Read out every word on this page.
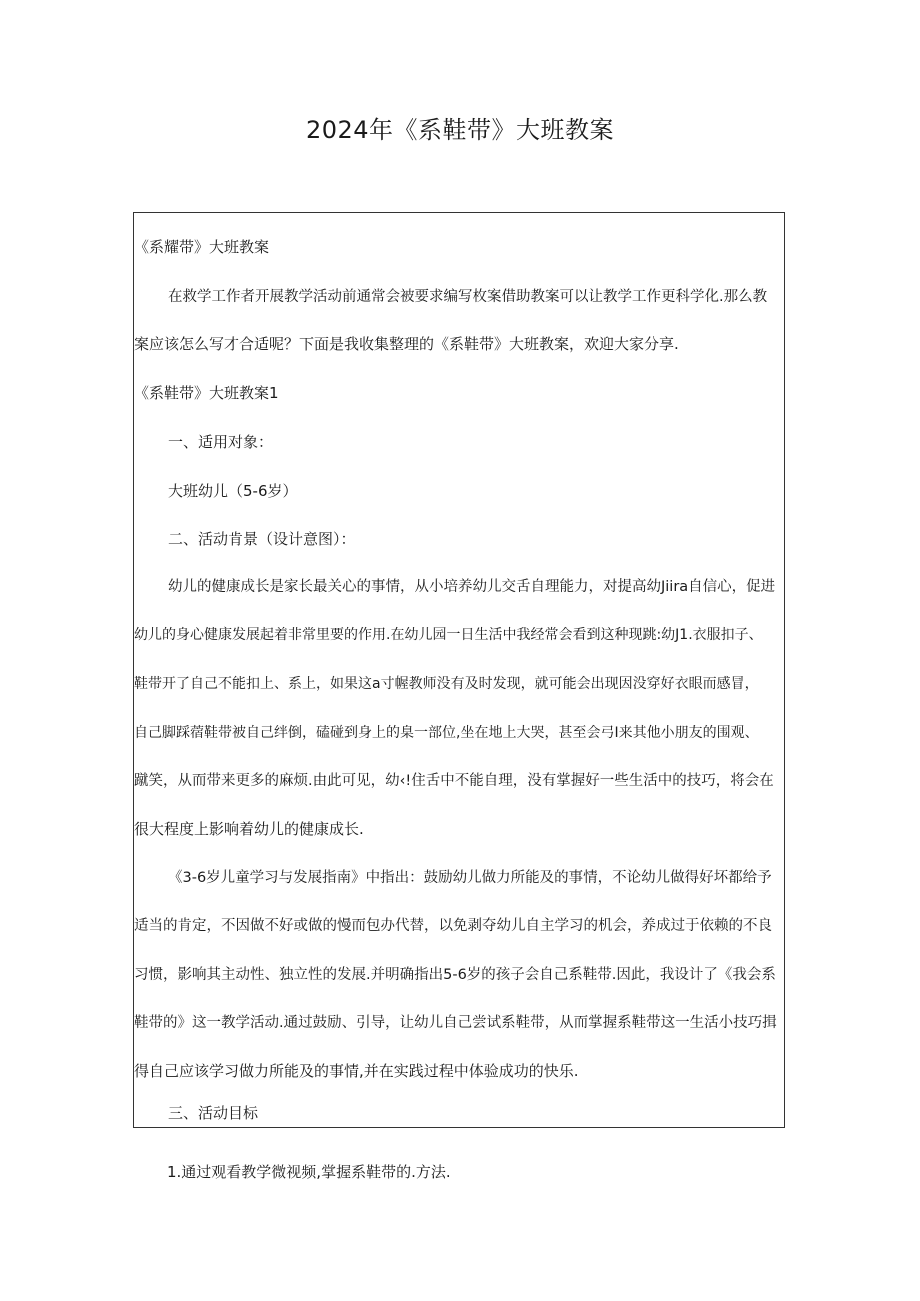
2024年《系鞋带》大班教案
《系耀带》大班教案
在救学工作者开展教学活动前通常会被要求编写枚案借助教案可以让教学工作更科学化.那么教
案应该怎么写才合适呢？下面是我收集整理的《系鞋带》大班教案，欢迎大家分享.
《系鞋带》大班教案1
一、适用对象：
大班幼儿（5-6岁）
二、活动肯景（设计意图）：
幼儿的健康成长是家长最关心的事情，从小培养幼儿交舌自理能力，对提高幼Jiira自信心，促进
幼儿的身心健康发展起着非常里要的作用.在幼儿园一日生活中我经常会看到这种现跳:幼J1.衣服扣子、
鞋带开了自己不能扣上、系上，如果这a寸幄教师没有及时发现，就可能会出现因没穿好衣眼而感冒，
自己脚踩蓿鞋带被自己绊倒，磕碰到身上的臬一部位,坐在地上大哭，甚至会弓I来其他小朋友的围观、
蹴笑，从而带来更多的麻烦.由此可见，幼‹!住舌中不能自理，没有掌握好一些生活中的技巧，将会在
很大程度上影响着幼儿的健康成长.
《3-6岁儿童学习与发展指南》中指出：鼓励幼儿做力所能及的事情，不论幼儿做得好坏都给予
适当的肯定，不因做不好或做的慢而包办代替，以免剥夺幼儿自主学习的机会，养成过于依赖的不良
习惯，影响其主动性、独立性的发展.并明确指出5-6岁的孩子会自己系鞋带.因此，我设计了《我会系
鞋带的》这一教学活动.通过鼓励、引导，让幼儿自己尝试系鞋带，从而掌握系鞋带这一生活小技巧揖
得自己应该学习做力所能及的事情,并在实践过程中体验成功的快乐.
三、活动目标
1.通过观看教学微视频,掌握系鞋带的.方法.
